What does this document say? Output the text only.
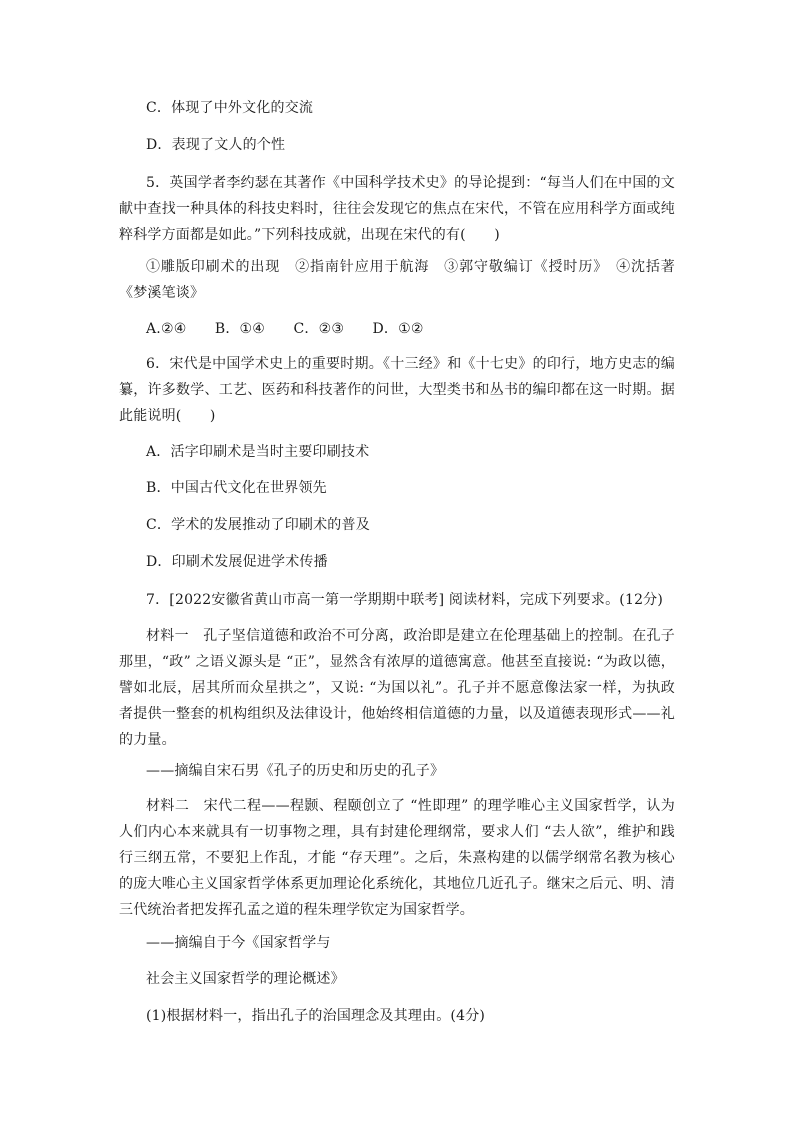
C．体现了中外文化的交流
D．表现了文人的个性
5．英国学者李约瑟在其著作《中国科学技术史》的导论提到：“每当人们在中国的文献中查找一种具体的科技史料时，往往会发现它的焦点在宋代，不管在应用科学方面或纯粹科学方面都是如此。”下列科技成就，出现在宋代的有(　　)
①雕版印刷术的出现　②指南针应用于航海　③郭守敬编订《授时历》　④沈括著《梦溪笔谈》
A.②④　　B．①④　　C．②③　　D．①②
6．宋代是中国学术史上的重要时期。《十三经》和《十七史》的印行，地方史志的编纂，许多数学、工艺、医药和科技著作的问世，大型类书和丛书的编印都在这一时期。据此能说明(　　)
A．活字印刷术是当时主要印刷技术
B．中国古代文化在世界领先
C．学术的发展推动了印刷术的普及
D．印刷术发展促进学术传播
7．[2022安徽省黄山市高一第一学期期中联考] 阅读材料，完成下列要求。(12分)
材料一　孔子坚信道德和政治不可分离，政治即是建立在伦理基础上的控制。在孔子那里，“政” 之语义源头是 “正”，显然含有浓厚的道德寓意。他甚至直接说: “为政以德，譬如北辰，居其所而众星拱之”，又说: “为国以礼”。孔子并不愿意像法家一样，为执政者提供一整套的机构组织及法律设计，他始终相信道德的力量，以及道德表现形式——礼的力量。
——摘编自宋石男《孔子的历史和历史的孔子》
材料二　宋代二程——程颢、程颐创立了 “性即理” 的理学唯心主义国家哲学，认为人们内心本来就具有一切事物之理，具有封建伦理纲常，要求人们 “去人欲”，维护和践行三纲五常，不要犯上作乱，才能 “存天理”。之后，朱熹构建的以儒学纲常名教为核心的庞大唯心主义国家哲学体系更加理论化系统化，其地位几近孔子。继宋之后元、明、清三代统治者把发挥孔孟之道的程朱理学钦定为国家哲学。
——摘编自于今《国家哲学与
社会主义国家哲学的理论概述》
(1)根据材料一，指出孔子的治国理念及其理由。(4分)
